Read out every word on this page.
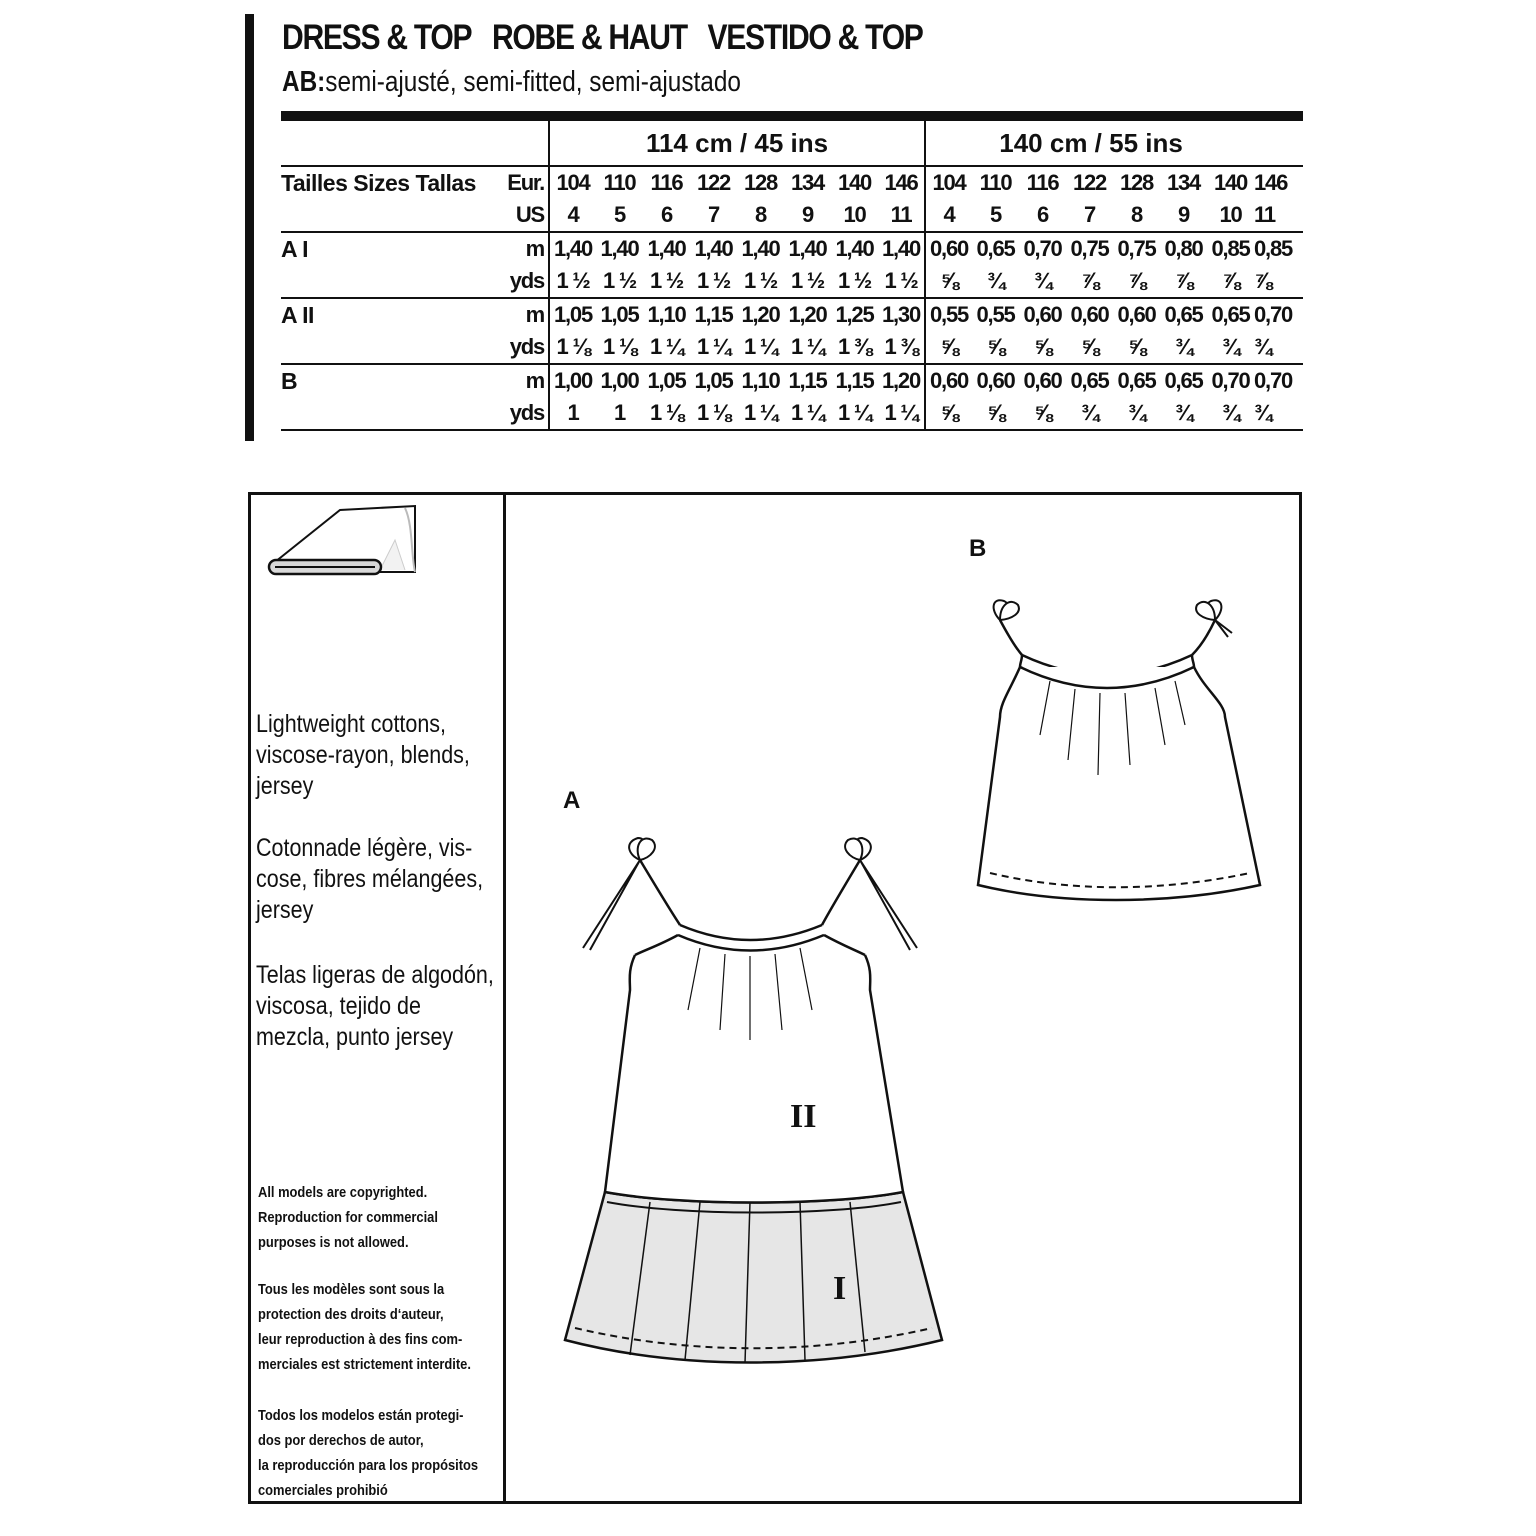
DRESS & TOP ROBE & HAUT VESTIDO & TOP
AB:semi-ajusté, semi-fitted, semi-ajustado
		114 cm / 45 ins								140 cm / 55 ins								
Tailles Sizes Tallas	Eur.	104	110	116	122	128	134	140	146	104	110	116	122	128	134	140	146	
	US	4	5	6	7	8	9	10	11	4	5	6	7	8	9	10	11	
A I	m	1,40	1,40	1,40	1,40	1,40	1,40	1,40	1,40	0,60	0,65	0,70	0,75	0,75	0,80	0,85	0,85	
	yds	1 ½	1 ½	1 ½	1 ½	1 ½	1 ½	1 ½	1 ½	⅝	¾	¾	⅞	⅞	⅞	⅞	⅞	
A II	m	1,05	1,05	1,10	1,15	1,20	1,20	1,25	1,30	0,55	0,55	0,60	0,60	0,60	0,65	0,65	0,70	
	yds	1 ⅛	1 ⅛	1 ¼	1 ¼	1 ¼	1 ¼	1 ⅜	1 ⅜	⅝	⅝	⅝	⅝	⅝	¾	¾	¾	
B	m	1,00	1,00	1,05	1,05	1,10	1,15	1,15	1,20	0,60	0,60	0,60	0,65	0,65	0,65	0,70	0,70	
	yds	1	1	1 ⅛	1 ⅛	1 ¼	1 ¼	1 ¼	1 ¼	⅝	⅝	⅝	¾	¾	¾	¾	¾	
Lightweight cottons,
viscose-rayon, blends,
jersey
Cotonnade légère, vis-
cose, fibres mélangées,
jersey
Telas ligeras de algodón,
viscosa, tejido de
mezcla, punto jersey
All models are copyrighted.
Reproduction for commercial
purposes is not allowed.
Tous les modèles sont sous la
protection des droits d‘auteur,
leur reproduction à des fins com-
merciales est strictement interdite.
Todos los modelos están protegi-
dos por derechos de autor,
la reproducción para los propósitos
comerciales prohibió
A
B
II
I
